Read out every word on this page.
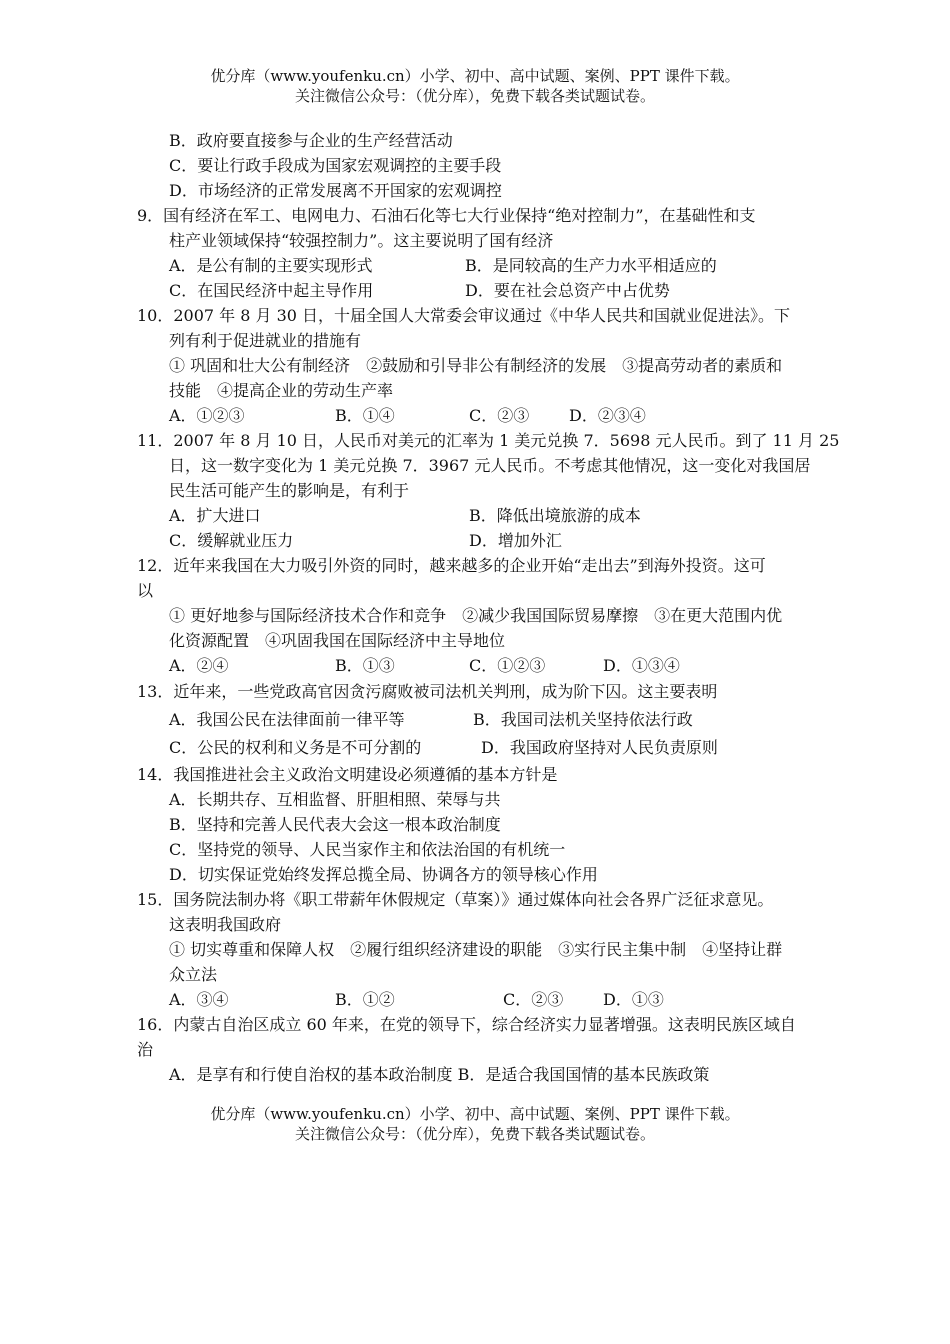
优分库（www.youfenku.cn）小学、初中、高中试题、案例、PPT 课件下载。
关注微信公众号：（优分库），免费下载各类试题试卷。
B．政府要直接参与企业的生产经营活动
C．要让行政手段成为国家宏观调控的主要手段
D．市场经济的正常发展离不开国家的宏观调控
9．国有经济在军工、电网电力、石油石化等七大行业保持“绝对控制力”，在基础性和支
柱产业领域保持“较强控制力”。这主要说明了国有经济
A．是公有制的主要实现形式	B．是同较高的生产力水平相适应的
C．在国民经济中起主导作用	D．要在社会总资产中占优势
10．2007 年 8 月 30 日，十届全国人大常委会审议通过《中华人民共和国就业促进法》。下
列有利于促进就业的措施有
① 巩固和壮大公有制经济　②鼓励和引导非公有制经济的发展　③提高劳动者的素质和
技能　④提高企业的劳动生产率
A．①②③	B．①④	C．②③ D．②③④
11．2007 年 8 月 10 日，人民币对美元的汇率为 1 美元兑换 7．5698 元人民币。到了 11 月 25
日，这一数字变化为 1 美元兑换 7．3967 元人民币。不考虑其他情况，这一变化对我国居
民生活可能产生的影响是，有利于
A．扩大进口	B．降低出境旅游的成本
C．缓解就业压力	D．增加外汇
12．近年来我国在大力吸引外资的同时，越来越多的企业开始“走出去”到海外投资。这可
以
① 更好地参与国际经济技术合作和竞争　②减少我国国际贸易摩擦　③在更大范围内优
化资源配置　④巩固我国在国际经济中主导地位
A．②④	B．①③	C．①②③	D．①③④
13．近年来，一些党政高官因贪污腐败被司法机关判刑，成为阶下囚。这主要表明
A．我国公民在法律面前一律平等	B．我国司法机关坚持依法行政
C．公民的权利和义务是不可分割的	D．我国政府坚持对人民负责原则
14．我国推进社会主义政治文明建设必须遵循的基本方针是
A．长期共存、互相监督、肝胆相照、荣辱与共
B．坚持和完善人民代表大会这一根本政治制度
C．坚持党的领导、人民当家作主和依法治国的有机统一
D．切实保证党始终发挥总揽全局、协调各方的领导核心作用
15．国务院法制办将《职工带薪年休假规定（草案）》通过媒体向社会各界广泛征求意见。
这表明我国政府
① 切实尊重和保障人权　②履行组织经济建设的职能　③实行民主集中制　④坚持让群
众立法
A．③④	B．①②	C．②③ D．①③
16．内蒙古自治区成立 60 年来，在党的领导下，综合经济实力显著增强。这表明民族区域自
治
A．是享有和行使自治权的基本政治制度 B．是适合我国国情的基本民族政策
优分库（www.youfenku.cn）小学、初中、高中试题、案例、PPT 课件下载。
关注微信公众号：（优分库），免费下载各类试题试卷。
